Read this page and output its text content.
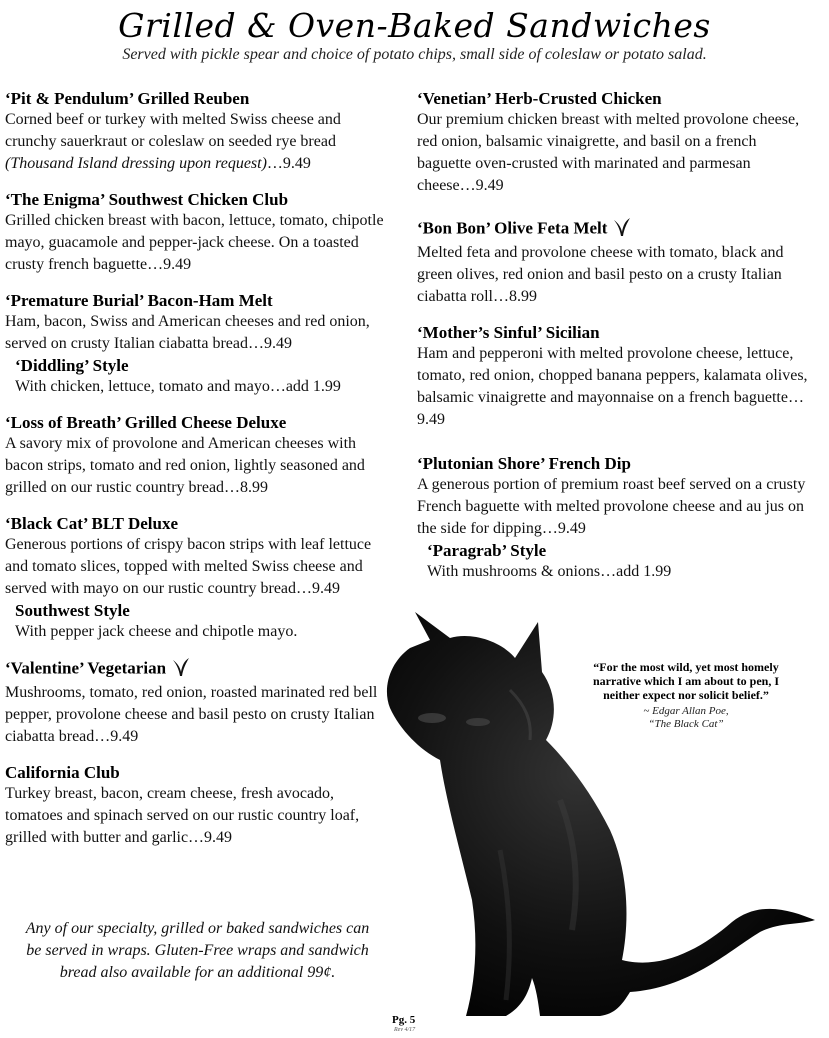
Grilled & Oven-Baked Sandwiches
Served with pickle spear and choice of potato chips, small side of coleslaw or potato salad.
‘Pit & Pendulum’ Grilled Reuben
Corned beef or turkey with melted Swiss cheese and crunchy sauerkraut or coleslaw on seeded rye bread (Thousand Island dressing upon request)…9.49
‘The Enigma’ Southwest Chicken Club
Grilled chicken breast with bacon, lettuce, tomato, chipotle mayo, guacamole and pepper-jack cheese. On a toasted crusty french baguette…9.49
‘Premature Burial’ Bacon-Ham Melt
Ham, bacon, Swiss and American cheeses and red onion, served on crusty Italian ciabatta bread…9.49
‘Diddling’ Style
With chicken, lettuce, tomato and mayo…add 1.99
‘Loss of Breath’ Grilled Cheese Deluxe
A savory mix of provolone and American cheeses with bacon strips, tomato and red onion, lightly seasoned and grilled on our rustic country bread…8.99
‘Black Cat’ BLT Deluxe
Generous portions of crispy bacon strips with leaf lettuce and tomato slices, topped with melted Swiss cheese and served with mayo on our rustic country bread…9.49
Southwest Style
With pepper jack cheese and chipotle mayo.
‘Valentine’ Vegetarian
Mushrooms, tomato, red onion, roasted marinated red bell pepper, provolone cheese and basil pesto on crusty Italian ciabatta bread…9.49
California Club
Turkey breast, bacon, cream cheese, fresh avocado, tomatoes and spinach served on our rustic country loaf, grilled with butter and garlic…9.49
‘Venetian’ Herb-Crusted Chicken
Our premium chicken breast with melted provolone cheese, red onion, balsamic vinaigrette, and basil on a french baguette oven-crusted with marinated and parmesan cheese…9.49
‘Bon Bon’ Olive Feta Melt
Melted feta and provolone cheese with tomato, black and green olives, red onion and basil pesto on a crusty Italian ciabatta roll…8.99
‘Mother’s Sinful’ Sicilian
Ham and pepperoni with melted provolone cheese, lettuce, tomato, red onion, chopped banana peppers, kalamata olives, balsamic vinaigrette and mayonnaise on a french baguette…9.49
‘Plutonian Shore’ French Dip
A generous portion of premium roast beef served on a crusty French baguette with melted provolone cheese and au jus on the side for dipping…9.49
‘Paragrab’ Style
With mushrooms & onions…add 1.99
“For the most wild, yet most homely narrative which I am about to pen, I neither expect nor solicit belief.”
~ Edgar Allan Poe,
“The Black Cat”
Any of our specialty, grilled or baked sandwiches can be served in wraps. Gluten-Free wraps and sandwich bread also available for an additional 99¢.
Pg. 5
Rev 4/17
